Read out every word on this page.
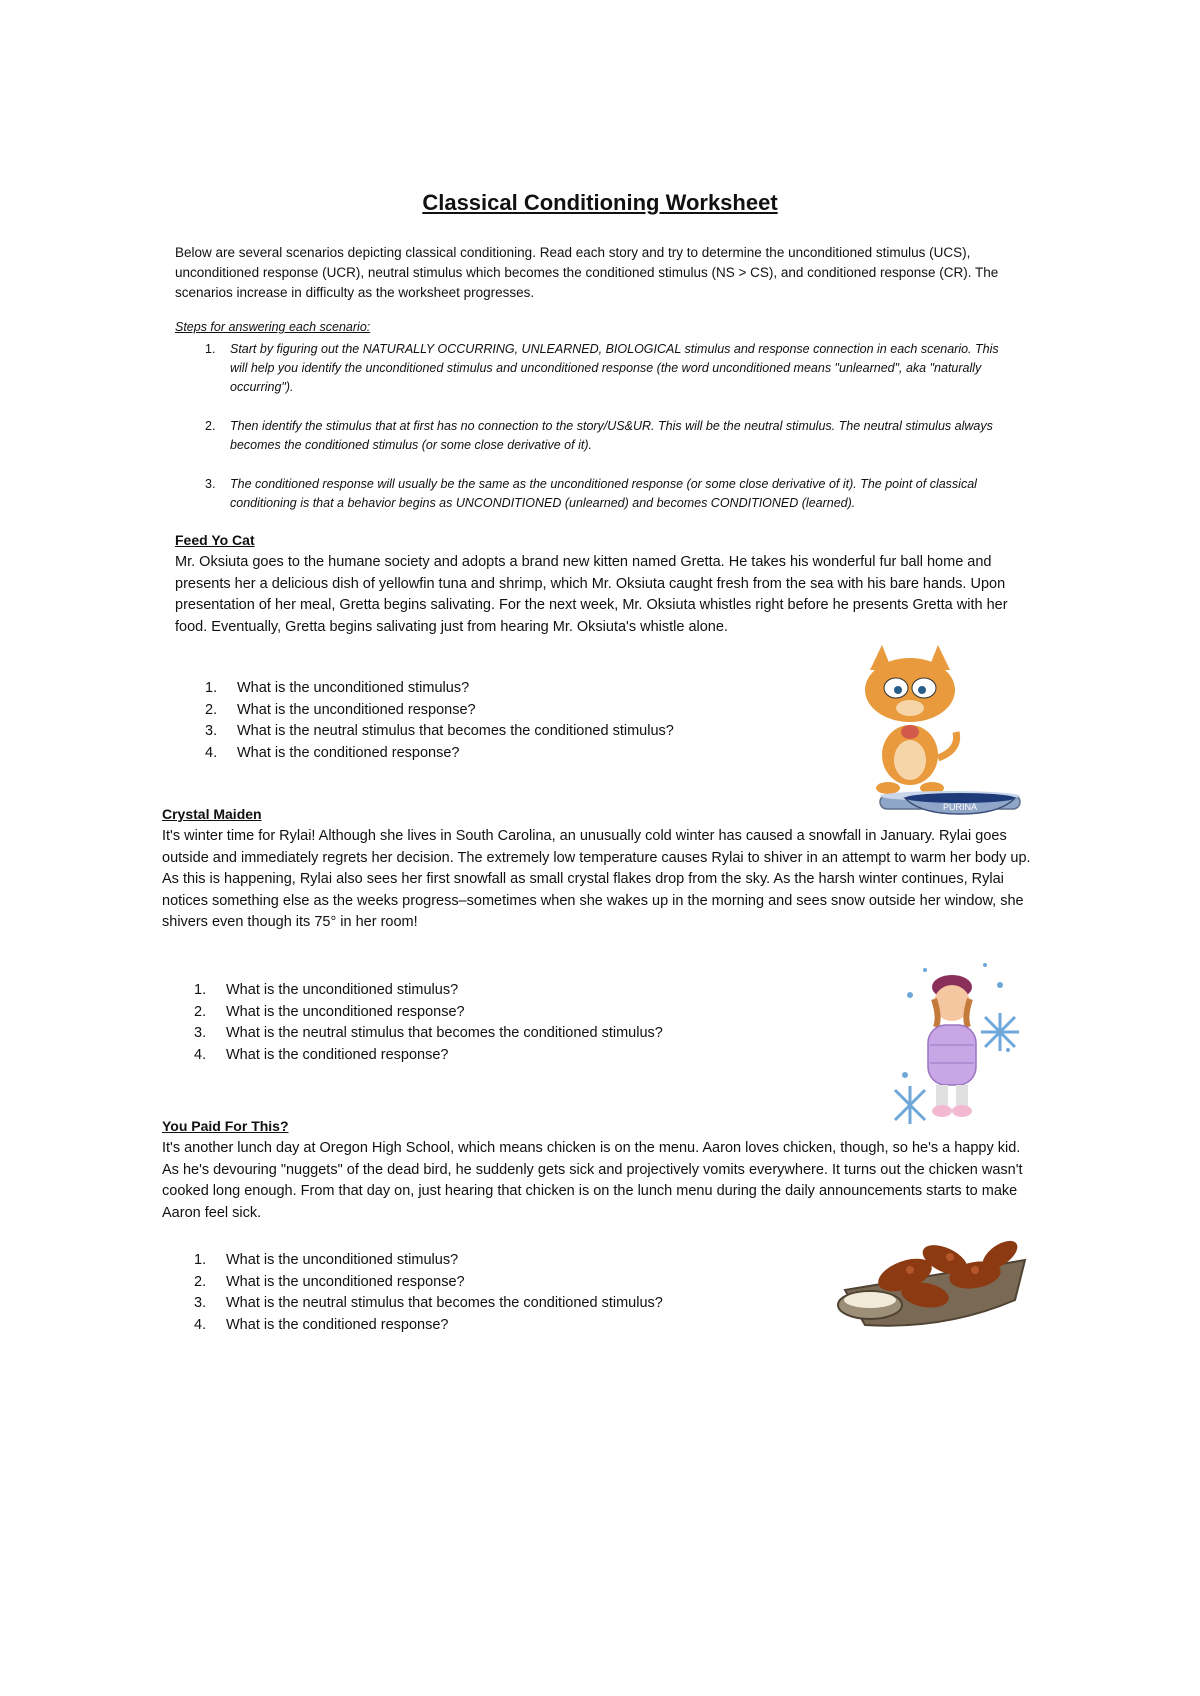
Classical Conditioning Worksheet
Below are several scenarios depicting classical conditioning. Read each story and try to determine the unconditioned stimulus (UCS), unconditioned response (UCR), neutral stimulus which becomes the conditioned stimulus (NS > CS), and conditioned response (CR). The scenarios increase in difficulty as the worksheet progresses.
Steps for answering each scenario:
1. Start by figuring out the NATURALLY OCCURRING, UNLEARNED, BIOLOGICAL stimulus and response connection in each scenario. This will help you identify the unconditioned stimulus and unconditioned response (the word unconditioned means "unlearned", aka "naturally occurring").
2. Then identify the stimulus that at first has no connection to the story/US&UR. This will be the neutral stimulus. The neutral stimulus always becomes the conditioned stimulus (or some close derivative of it).
3. The conditioned response will usually be the same as the unconditioned response (or some close derivative of it). The point of classical conditioning is that a behavior begins as UNCONDITIONED (unlearned) and becomes CONDITIONED (learned).
Feed Yo Cat
Mr. Oksiuta goes to the humane society and adopts a brand new kitten named Gretta. He takes his wonderful fur ball home and presents her a delicious dish of yellowfin tuna and shrimp, which Mr. Oksiuta caught fresh from the sea with his bare hands. Upon presentation of her meal, Gretta begins salivating. For the next week, Mr. Oksiuta whistles right before he presents Gretta with her food. Eventually, Gretta begins salivating just from hearing Mr. Oksiuta's whistle alone.
1. What is the unconditioned stimulus?
2. What is the unconditioned response?
3. What is the neutral stimulus that becomes the conditioned stimulus?
4. What is the conditioned response?
PURINA
Crystal Maiden
It's winter time for Rylai! Although she lives in South Carolina, an unusually cold winter has caused a snowfall in January. Rylai goes outside and immediately regrets her decision. The extremely low temperature causes Rylai to shiver in an attempt to warm her body up. As this is happening, Rylai also sees her first snowfall as small crystal flakes drop from the sky. As the harsh winter continues, Rylai notices something else as the weeks progress–sometimes when she wakes up in the morning and sees snow outside her window, she shivers even though its 75° in her room!
1. What is the unconditioned stimulus?
2. What is the unconditioned response?
3. What is the neutral stimulus that becomes the conditioned stimulus?
4. What is the conditioned response?
You Paid For This?
It's another lunch day at Oregon High School, which means chicken is on the menu. Aaron loves chicken, though, so he's a happy kid. As he's devouring "nuggets" of the dead bird, he suddenly gets sick and projectively vomits everywhere. It turns out the chicken wasn't cooked long enough. From that day on, just hearing that chicken is on the lunch menu during the daily announcements starts to make Aaron feel sick.
1. What is the unconditioned stimulus?
2. What is the unconditioned response?
3. What is the neutral stimulus that becomes the conditioned stimulus?
4. What is the conditioned response?
